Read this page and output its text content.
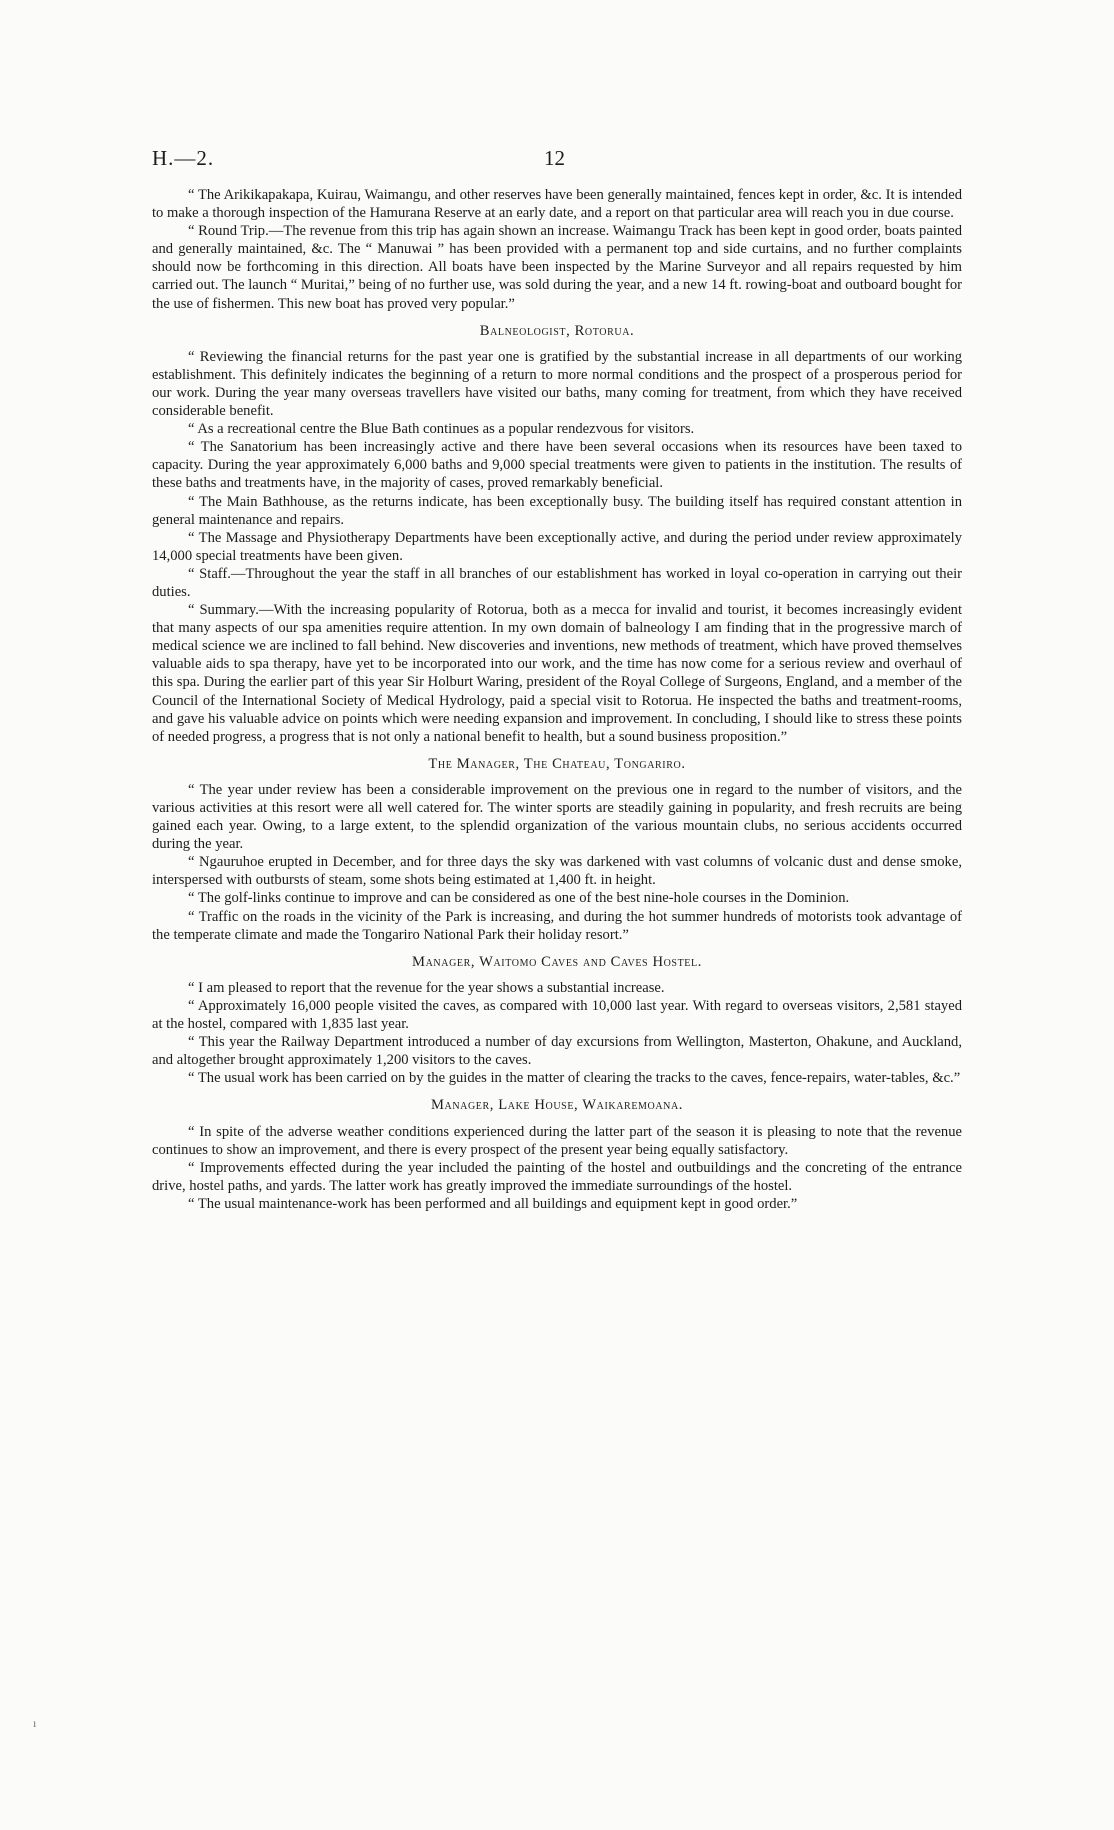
H.—2.	12

“ The Arikikapakapa, Kuirau, Waimangu, and other reserves have been generally maintained, fences kept in order, &c. It is intended to make a thorough inspection of the Hamurana Reserve at an early date, and a report on that particular area will reach you in due course.

“ Round Trip.—The revenue from this trip has again shown an increase. Waimangu Track has been kept in good order, boats painted and generally maintained, &c. The “ Manuwai ” has been provided with a permanent top and side curtains, and no further complaints should now be forthcoming in this direction. All boats have been inspected by the Marine Surveyor and all repairs requested by him carried out. The launch “ Muritai,” being of no further use, was sold during the year, and a new 14 ft. rowing-boat and outboard bought for the use of fishermen. This new boat has proved very popular.”

Balneologist, Rotorua.

“ Reviewing the financial returns for the past year one is gratified by the substantial increase in all departments of our working establishment. This definitely indicates the beginning of a return to more normal conditions and the prospect of a prosperous period for our work. During the year many overseas travellers have visited our baths, many coming for treatment, from which they have received considerable benefit.

“ As a recreational centre the Blue Bath continues as a popular rendezvous for visitors.

“ The Sanatorium has been increasingly active and there have been several occasions when its resources have been taxed to capacity. During the year approximately 6,000 baths and 9,000 special treatments were given to patients in the institution. The results of these baths and treatments have, in the majority of cases, proved remarkably beneficial.

“ The Main Bathhouse, as the returns indicate, has been exceptionally busy. The building itself has required constant attention in general maintenance and repairs.

“ The Massage and Physiotherapy Departments have been exceptionally active, and during the period under review approximately 14,000 special treatments have been given.

“ Staff.—Throughout the year the staff in all branches of our establishment has worked in loyal co-operation in carrying out their duties.

“ Summary.—With the increasing popularity of Rotorua, both as a mecca for invalid and tourist, it becomes increasingly evident that many aspects of our spa amenities require attention. In my own domain of balneology I am finding that in the progressive march of medical science we are inclined to fall behind. New discoveries and inventions, new methods of treatment, which have proved themselves valuable aids to spa therapy, have yet to be incorporated into our work, and the time has now come for a serious review and overhaul of this spa. During the earlier part of this year Sir Holburt Waring, president of the Royal College of Surgeons, England, and a member of the Council of the International Society of Medical Hydrology, paid a special visit to Rotorua. He inspected the baths and treatment-rooms, and gave his valuable advice on points which were needing expansion and improvement. In concluding, I should like to stress these points of needed progress, a progress that is not only a national benefit to health, but a sound business proposition.”

The Manager, The Chateau, Tongariro.

“ The year under review has been a considerable improvement on the previous one in regard to the number of visitors, and the various activities at this resort were all well catered for. The winter sports are steadily gaining in popularity, and fresh recruits are being gained each year. Owing, to a large extent, to the splendid organization of the various mountain clubs, no serious accidents occurred during the year.

“ Ngauruhoe erupted in December, and for three days the sky was darkened with vast columns of volcanic dust and dense smoke, interspersed with outbursts of steam, some shots being estimated at 1,400 ft. in height.

“ The golf-links continue to improve and can be considered as one of the best nine-hole courses in the Dominion.

“ Traffic on the roads in the vicinity of the Park is increasing, and during the hot summer hundreds of motorists took advantage of the temperate climate and made the Tongariro National Park their holiday resort.”

Manager, Waitomo Caves and Caves Hostel.

“ I am pleased to report that the revenue for the year shows a substantial increase.

“ Approximately 16,000 people visited the caves, as compared with 10,000 last year. With regard to overseas visitors, 2,581 stayed at the hostel, compared with 1,835 last year.

“ This year the Railway Department introduced a number of day excursions from Wellington, Masterton, Ohakune, and Auckland, and altogether brought approximately 1,200 visitors to the caves.

“ The usual work has been carried on by the guides in the matter of clearing the tracks to the caves, fence-repairs, water-tables, &c.”

Manager, Lake House, Waikaremoana.

“ In spite of the adverse weather conditions experienced during the latter part of the season it is pleasing to note that the revenue continues to show an improvement, and there is every prospect of the present year being equally satisfactory.

“ Improvements effected during the year included the painting of the hostel and outbuildings and the concreting of the entrance drive, hostel paths, and yards. The latter work has greatly improved the immediate surroundings of the hostel.

“ The usual maintenance-work has been performed and all buildings and equipment kept in good order.”

ı
